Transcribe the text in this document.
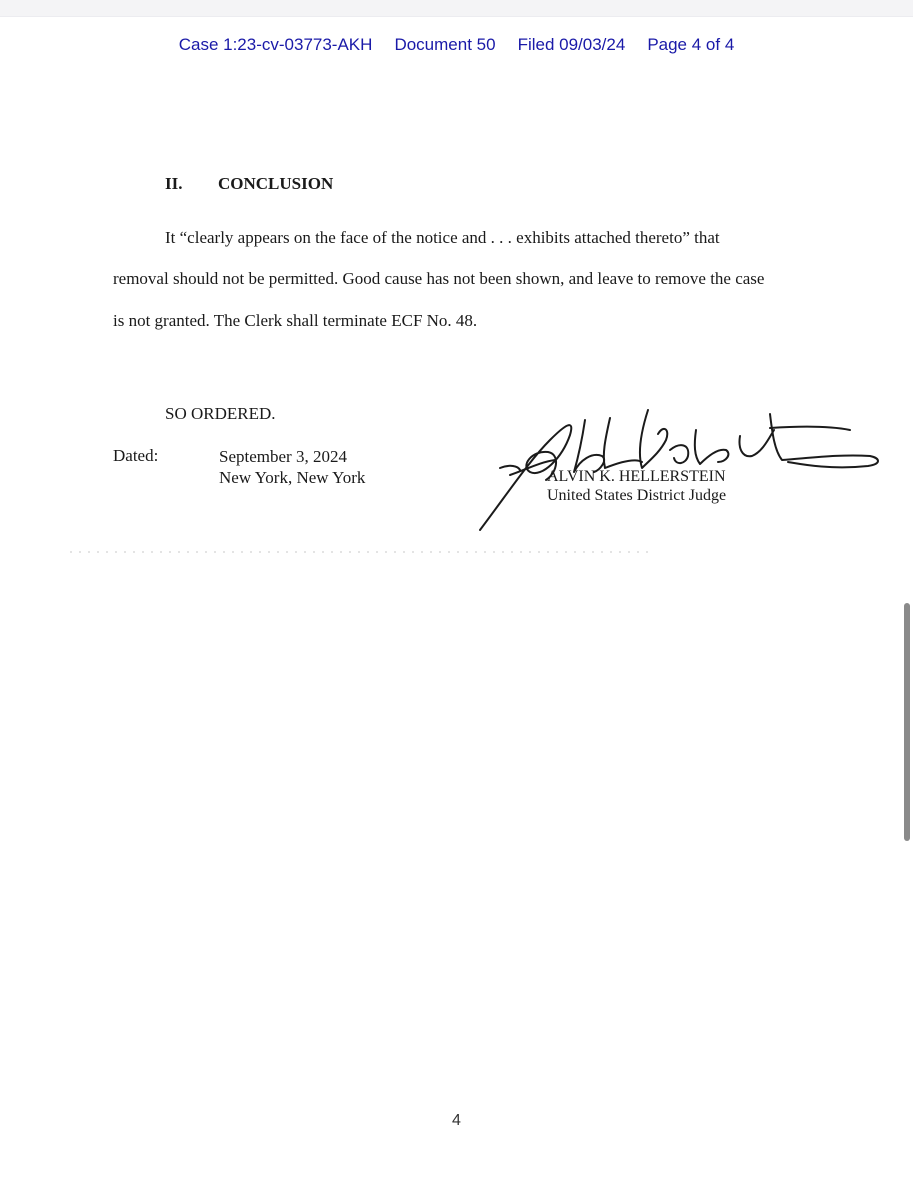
Case 1:23-cv-03773-AKH Document 50 Filed 09/03/24 Page 4 of 4
II. CONCLUSION
It “clearly appears on the face of the notice and . . . exhibits attached thereto” that
removal should not be permitted. Good cause has not been shown, and leave to remove the case
is not granted. The Clerk shall terminate ECF No. 48.
SO ORDERED.
Dated:	September 3, 2024
New York, New York	ALVIN K. HELLERSTEIN
United States District Judge
4
